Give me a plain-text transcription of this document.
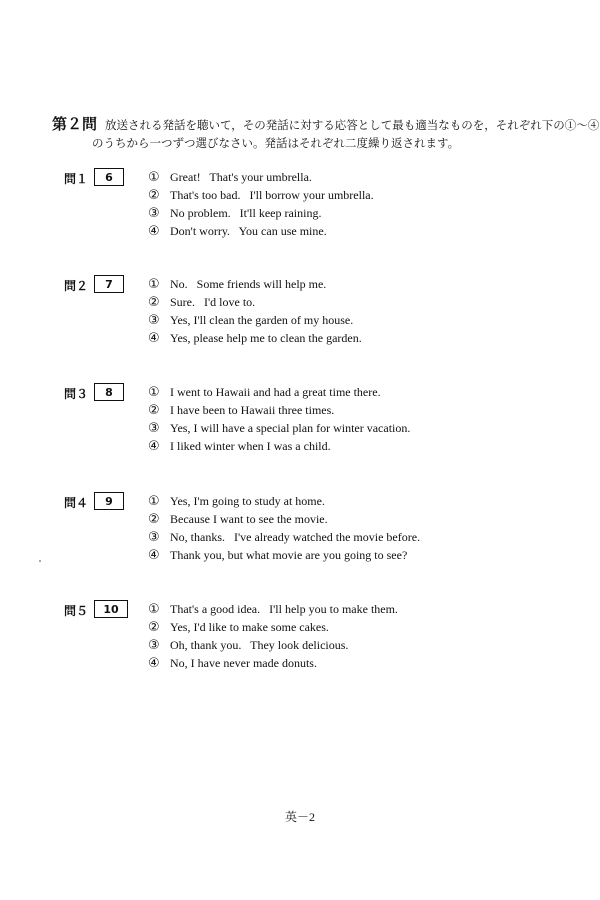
第２問 放送される発話を聴いて，その発話に対する応答として最も適当なものを，それぞれ下の①～④
のうちから一つずつ選びなさい。発話はそれぞれ二度繰り返されます。
問１	6	① Great!   That's your umbrella.
② That's too bad.   I'll borrow your umbrella.
③ No problem.   It'll keep raining.
④ Don't worry.   You can use mine.
問２	7	① No.   Some friends will help me.
② Sure.   I'd love to.
③ Yes, I'll clean the garden of my house.
④ Yes, please help me to clean the garden.
問３	8	① I went to Hawaii and had a great time there.
② I have been to Hawaii three times.
③ Yes, I will have a special plan for winter vacation.
④ I liked winter when I was a child.
問４	9	① Yes, I'm going to study at home.
② Because I want to see the movie.
③ No, thanks.   I've already watched the movie before.
④ Thank you, but what movie are you going to see?
問５	10	① That's a good idea.   I'll help you to make them.
② Yes, I'd like to make some cakes.
③ Oh, thank you.   They look delicious.
④ No, I have never made donuts.
英－2
